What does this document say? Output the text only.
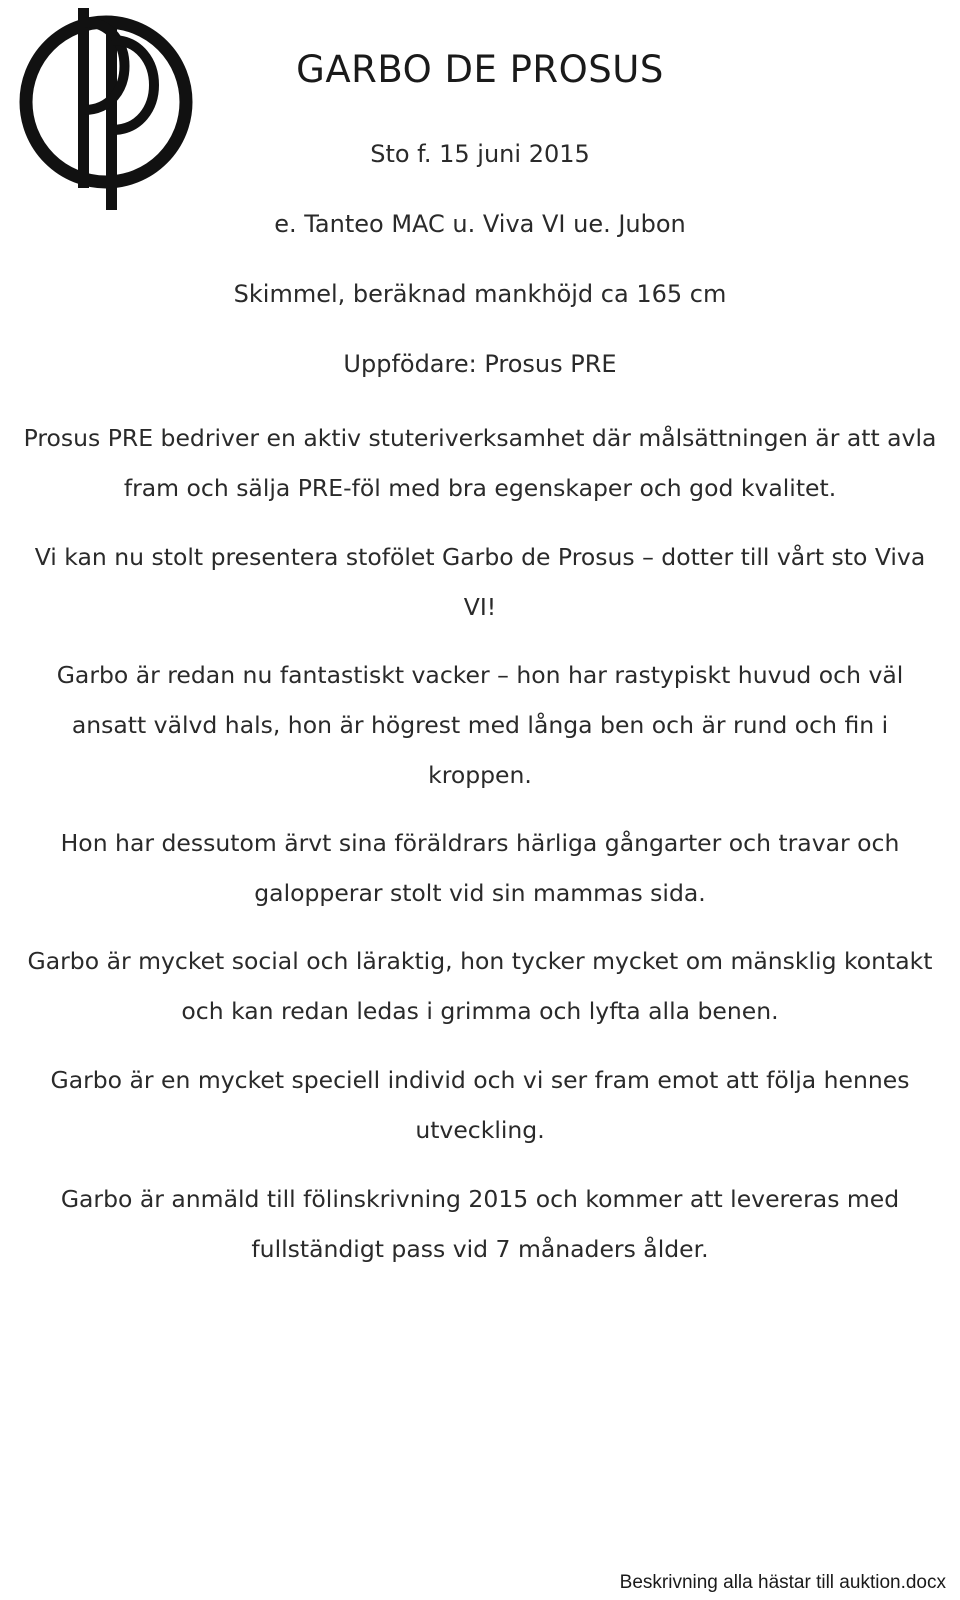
GARBO DE PROSUS
Sto f. 15 juni 2015
e. Tanteo MAC u. Viva VI ue. Jubon
Skimmel, beräknad mankhöjd ca 165 cm
Uppfödare: Prosus PRE
Prosus PRE bedriver en aktiv stuteriverksamhet där målsättningen är att avla fram och sälja PRE-föl med bra egenskaper och god kvalitet.
Vi kan nu stolt presentera stofölet Garbo de Prosus – dotter till vårt sto Viva VI!
Garbo är redan nu fantastiskt vacker – hon har rastypiskt huvud och väl ansatt välvd hals, hon är högrest med långa ben och är rund och fin i kroppen.
Hon har dessutom ärvt sina föräldrars härliga gångarter och travar och galopperar stolt vid sin mammas sida.
Garbo är mycket social och läraktig, hon tycker mycket om mänsklig kontakt och kan redan ledas i grimma och lyfta alla benen.
Garbo är en mycket speciell individ och vi ser fram emot att följa hennes utveckling.
Garbo är anmäld till fölinskrivning 2015 och kommer att levereras med fullständigt pass vid 7 månaders ålder.
Beskrivning alla hästar till auktion.docx
